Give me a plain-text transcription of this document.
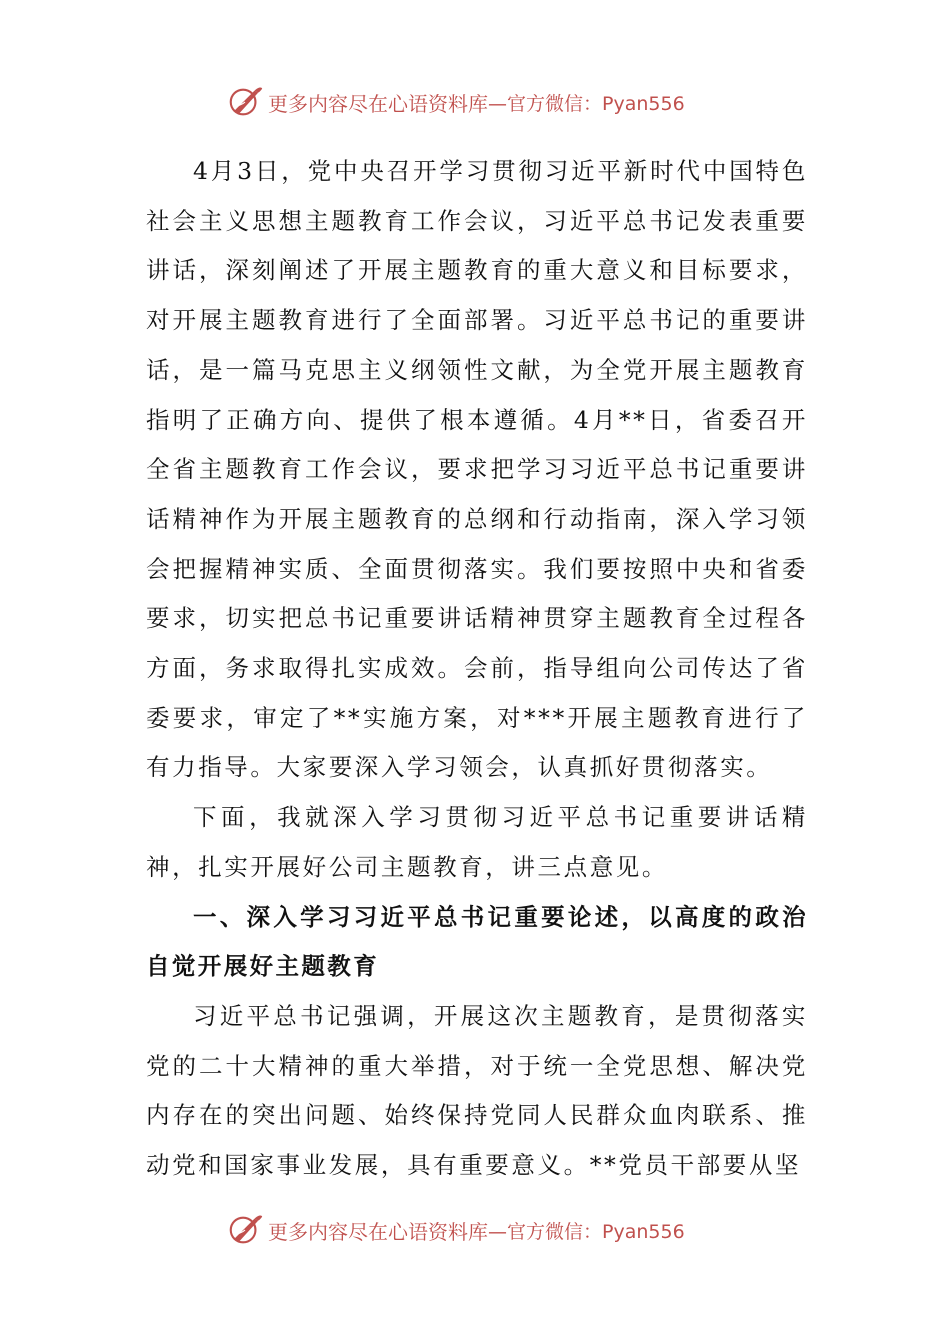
更多内容尽在心语资料库 —官方微信：Pyan556

4月3日，党中央召开学习贯彻习近平新时代中国特色社会主义思想主题教育工作会议，习近平总书记发表重要讲话，深刻阐述了开展主题教育的重大意义和目标要求，对开展主题教育进行了全面部署。习近平总书记的重要讲话，是一篇马克思主义纲领性文献，为全党开展主题教育指明了正确方向、提供了根本遵循。4月**日，省委召开全省主题教育工作会议，要求把学习习近平总书记重要讲话精神作为开展主题教育的总纲和行动指南，深入学习领会把握精神实质、全面贯彻落实。我们要按照中央和省委要求，切实把总书记重要讲话精神贯穿主题教育全过程各方面，务求取得扎实成效。会前，指导组向公司传达了省委要求，审定了**实施方案，对***开展主题教育进行了有力指导。大家要深入学习领会，认真抓好贯彻落实。

下面，我就深入学习贯彻习近平总书记重要讲话精神，扎实开展好公司主题教育，讲三点意见。

一、深入学习习近平总书记重要论述，以高度的政治自觉开展好主题教育

习近平总书记强调，开展这次主题教育，是贯彻落实党的二十大精神的重大举措，对于统一全党思想、解决党内存在的突出问题、始终保持党同人民群众血肉联系、推动党和国家事业发展，具有重要意义。**党员干部要从坚

更多内容尽在心语资料库 —官方微信：Pyan556
